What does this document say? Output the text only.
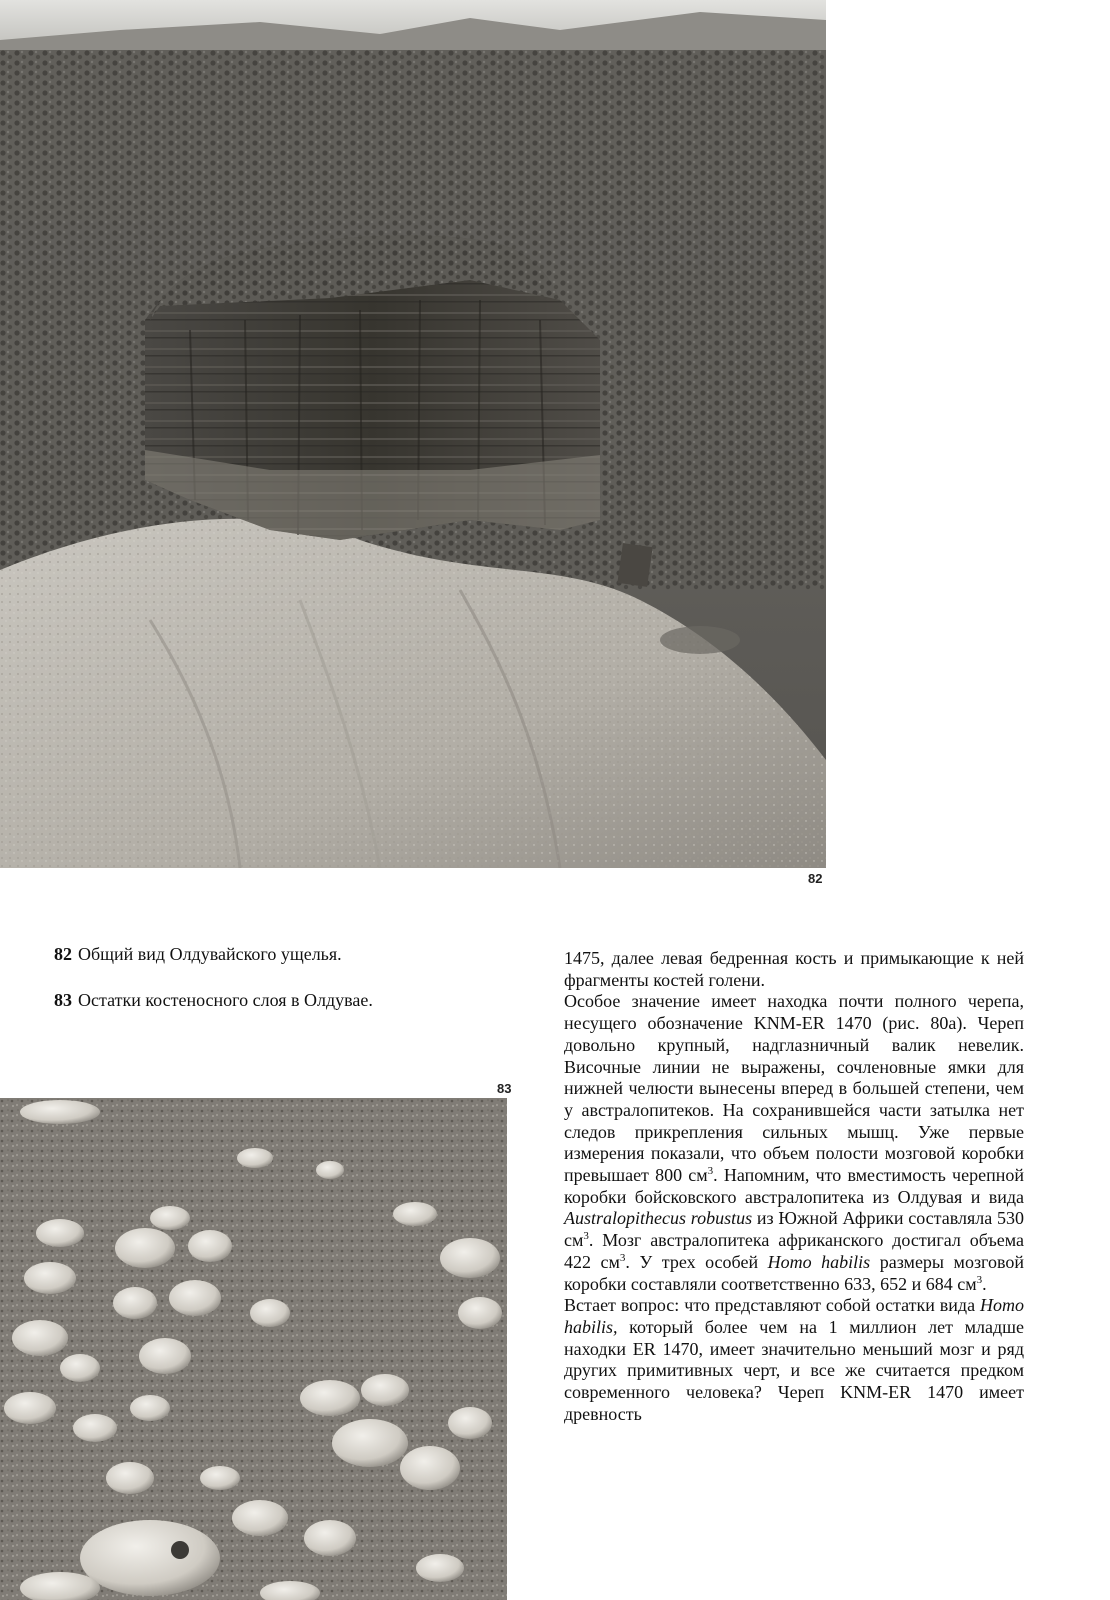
82
82 Общий вид Олдувайского ущелья.
83 Остатки костеносного слоя в Олдувае.
83

1475, далее левая бедренная кость и примыкающие к ней фрагменты костей голени.

Особое значение имеет находка почти полного черепа, несущего обозначение KNM-ER 1470 (рис. 80а). Череп довольно крупный, надглазничный валик невелик. Височные линии не выражены, сочленовные ямки для нижней челюсти вынесены вперед в большей степени, чем у австралопитеков. На сохранившейся части затылка нет следов прикрепления сильных мышц. Уже первые измерения показали, что объем полости мозговой коробки превышает 800 $см^3$. Напомним, что вместимость черепной коробки бойсковского австралопитека из Олдувая и вида Australopithecus robustus из Южной Африки составляла 530 $см^3$. Мозг австралопитека африканского достигал объема 422 $см^3$. У трех особей Homo habilis размеры мозговой коробки составляли соответственно 633, 652 и 684 $см^3$.

Встает вопрос: что представляют собой остатки вида Homo habilis, который более чем на 1 миллион лет младше находки ER 1470, имеет значительно меньший мозг и ряд других примитивных черт, и все же считается предком современного человека? Череп KNM-ER 1470 имеет древность
